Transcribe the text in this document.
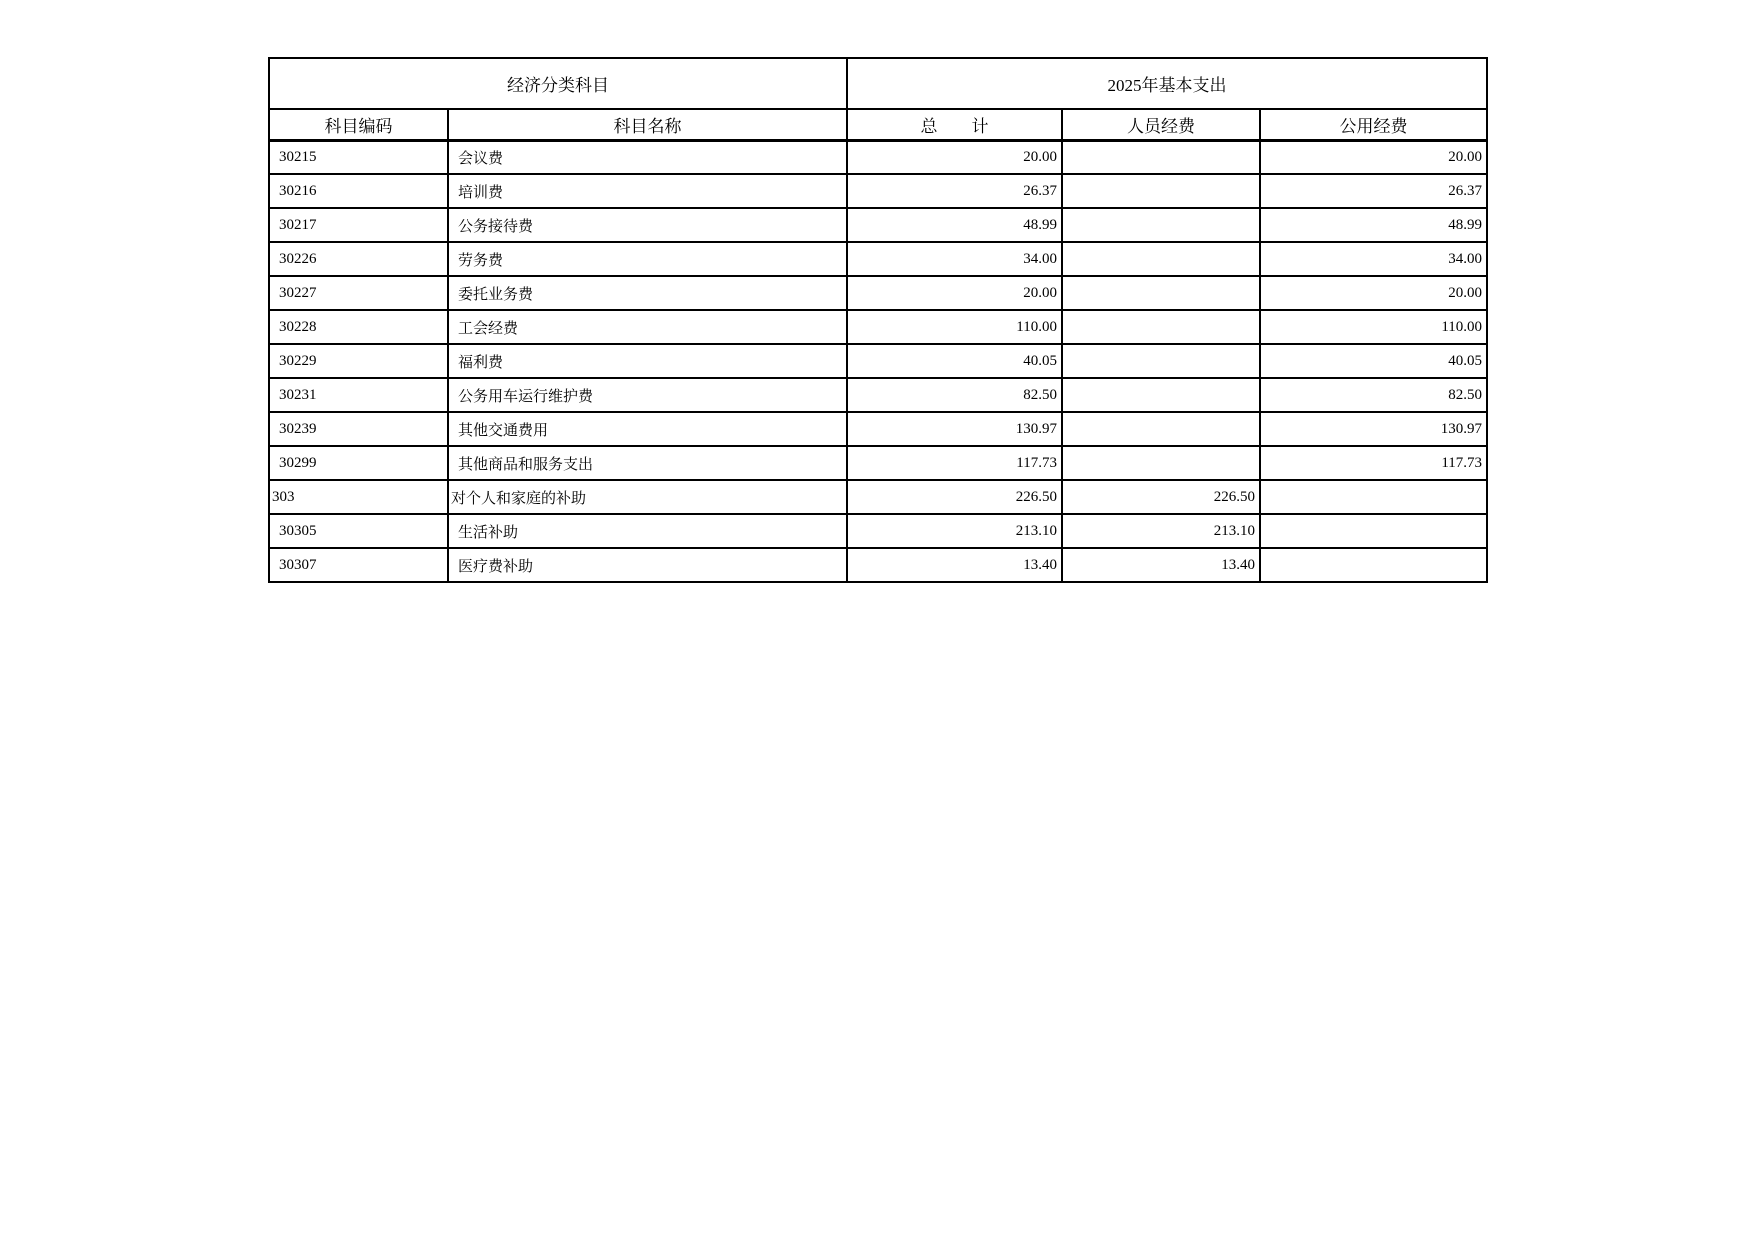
经济分类科目		2025年基本支出		
科目编码	科目名称	总        计	人员经费	公用经费
30215	会议费	20.00		20.00
30216	培训费	26.37		26.37
30217	公务接待费	48.99		48.99
30226	劳务费	34.00		34.00
30227	委托业务费	20.00		20.00
30228	工会经费	110.00		110.00
30229	福利费	40.05		40.05
30231	公务用车运行维护费	82.50		82.50
30239	其他交通费用	130.97		130.97
30299	其他商品和服务支出	117.73		117.73
303	对个人和家庭的补助	226.50	226.50	
30305	生活补助	213.10	213.10	
30307	医疗费补助	13.40	13.40	
